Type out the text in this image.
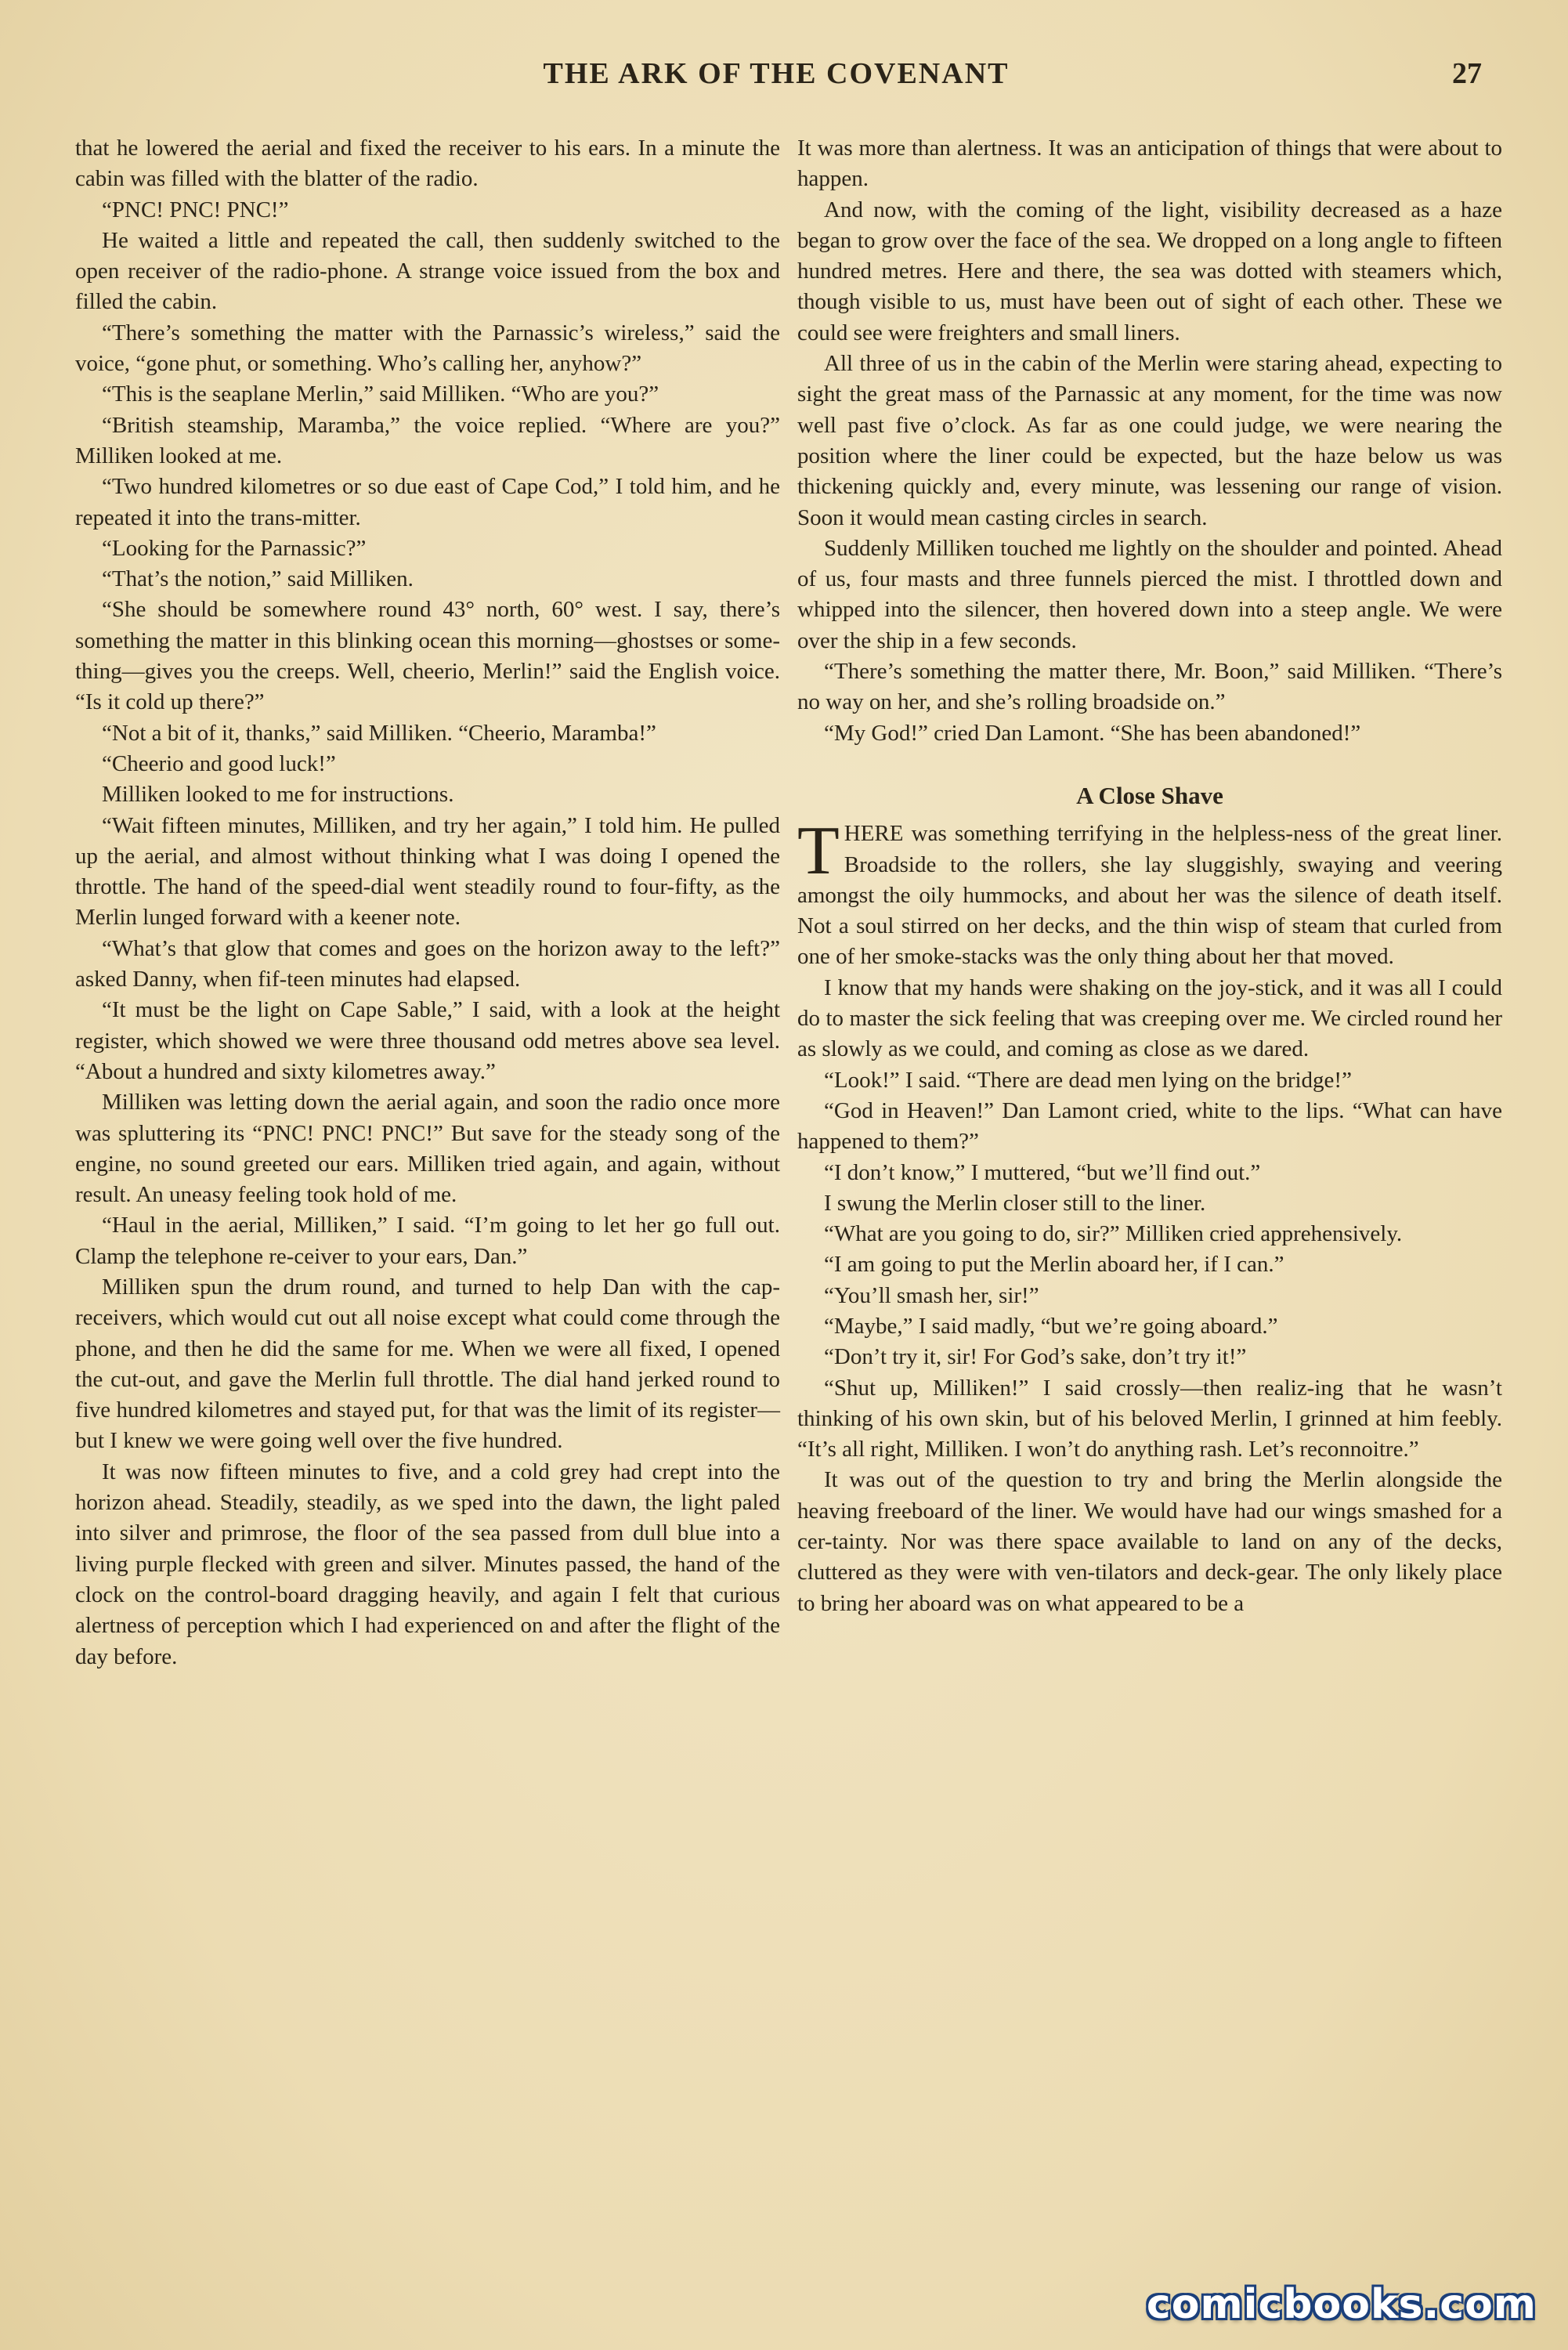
THE ARK OF THE COVENANT	27

that he lowered the aerial and fixed the receiver to his ears. In a minute the cabin was filled with the blatter of the radio.

“PNC! PNC! PNC!”

He waited a little and repeated the call, then suddenly switched to the open receiver of the radio-phone. A strange voice issued from the box and filled the cabin.

“There’s something the matter with the Parnassic’s wireless,” said the voice, “gone phut, or something. Who’s calling her, anyhow?”

“This is the seaplane Merlin,” said Milliken. “Who are you?”

“British steamship, Maramba,” the voice replied. “Where are you?” Milliken looked at me.

“Two hundred kilometres or so due east of Cape Cod,” I told him, and he repeated it into the trans-mitter.

“Looking for the Parnassic?”

“That’s the notion,” said Milliken.

“She should be somewhere round 43° north, 60° west. I say, there’s something the matter in this blinking ocean this morning—ghostses or some-thing—gives you the creeps. Well, cheerio, Merlin!” said the English voice. “Is it cold up there?”

“Not a bit of it, thanks,” said Milliken. “Cheerio, Maramba!”

“Cheerio and good luck!”

Milliken looked to me for instructions.

“Wait fifteen minutes, Milliken, and try her again,” I told him. He pulled up the aerial, and almost without thinking what I was doing I opened the throttle. The hand of the speed-dial went steadily round to four-fifty, as the Merlin lunged forward with a keener note.

“What’s that glow that comes and goes on the horizon away to the left?” asked Danny, when fif-teen minutes had elapsed.

“It must be the light on Cape Sable,” I said, with a look at the height register, which showed we were three thousand odd metres above sea level. “About a hundred and sixty kilometres away.”

Milliken was letting down the aerial again, and soon the radio once more was spluttering its “PNC! PNC! PNC!” But save for the steady song of the engine, no sound greeted our ears. Milliken tried again, and again, without result. An uneasy feeling took hold of me.

“Haul in the aerial, Milliken,” I said. “I’m going to let her go full out. Clamp the telephone re-ceiver to your ears, Dan.”

Milliken spun the drum round, and turned to help Dan with the cap-receivers, which would cut out all noise except what could come through the phone, and then he did the same for me. When we were all fixed, I opened the cut-out, and gave the Merlin full throttle. The dial hand jerked round to five hundred kilometres and stayed put, for that was the limit of its register—but I knew we were going well over the five hundred.

It was now fifteen minutes to five, and a cold grey had crept into the horizon ahead. Steadily, steadily, as we sped into the dawn, the light paled into silver and primrose, the floor of the sea passed from dull blue into a living purple flecked with green and silver. Minutes passed, the hand of the clock on the control-board dragging heavily, and again I felt that curious alertness of perception which I had experienced on and after the flight of the day before.

It was more than alertness. It was an anticipation of things that were about to happen.

And now, with the coming of the light, visibility decreased as a haze began to grow over the face of the sea. We dropped on a long angle to fifteen hundred metres. Here and there, the sea was dotted with steamers which, though visible to us, must have been out of sight of each other. These we could see were freighters and small liners.

All three of us in the cabin of the Merlin were staring ahead, expecting to sight the great mass of the Parnassic at any moment, for the time was now well past five o’clock. As far as one could judge, we were nearing the position where the liner could be expected, but the haze below us was thickening quickly and, every minute, was lessening our range of vision. Soon it would mean casting circles in search.

Suddenly Milliken touched me lightly on the shoulder and pointed. Ahead of us, four masts and three funnels pierced the mist. I throttled down and whipped into the silencer, then hovered down into a steep angle. We were over the ship in a few seconds.

“There’s something the matter there, Mr. Boon,” said Milliken. “There’s no way on her, and she’s rolling broadside on.”

“My God!” cried Dan Lamont. “She has been abandoned!”

A Close Shave

THERE was something terrifying in the helpless-ness of the great liner. Broadside to the rollers, she lay sluggishly, swaying and veering amongst the oily hummocks, and about her was the silence of death itself. Not a soul stirred on her decks, and the thin wisp of steam that curled from one of her smoke-stacks was the only thing about her that moved.

I know that my hands were shaking on the joy-stick, and it was all I could do to master the sick feeling that was creeping over me. We circled round her as slowly as we could, and coming as close as we dared.

“Look!” I said. “There are dead men lying on the bridge!”

“God in Heaven!” Dan Lamont cried, white to the lips. “What can have happened to them?”

“I don’t know,” I muttered, “but we’ll find out.”

I swung the Merlin closer still to the liner.

“What are you going to do, sir?” Milliken cried apprehensively.

“I am going to put the Merlin aboard her, if I can.”

“You’ll smash her, sir!”

“Maybe,” I said madly, “but we’re going aboard.”

“Don’t try it, sir! For God’s sake, don’t try it!”

“Shut up, Milliken!” I said crossly—then realiz-ing that he wasn’t thinking of his own skin, but of his beloved Merlin, I grinned at him feebly. “It’s all right, Milliken. I won’t do anything rash. Let’s reconnoitre.”

It was out of the question to try and bring the Merlin alongside the heaving freeboard of the liner. We would have had our wings smashed for a cer-tainty. Nor was there space available to land on any of the decks, cluttered as they were with ven-tilators and deck-gear. The only likely place to bring her aboard was on what appeared to be a

comicbooks.com
